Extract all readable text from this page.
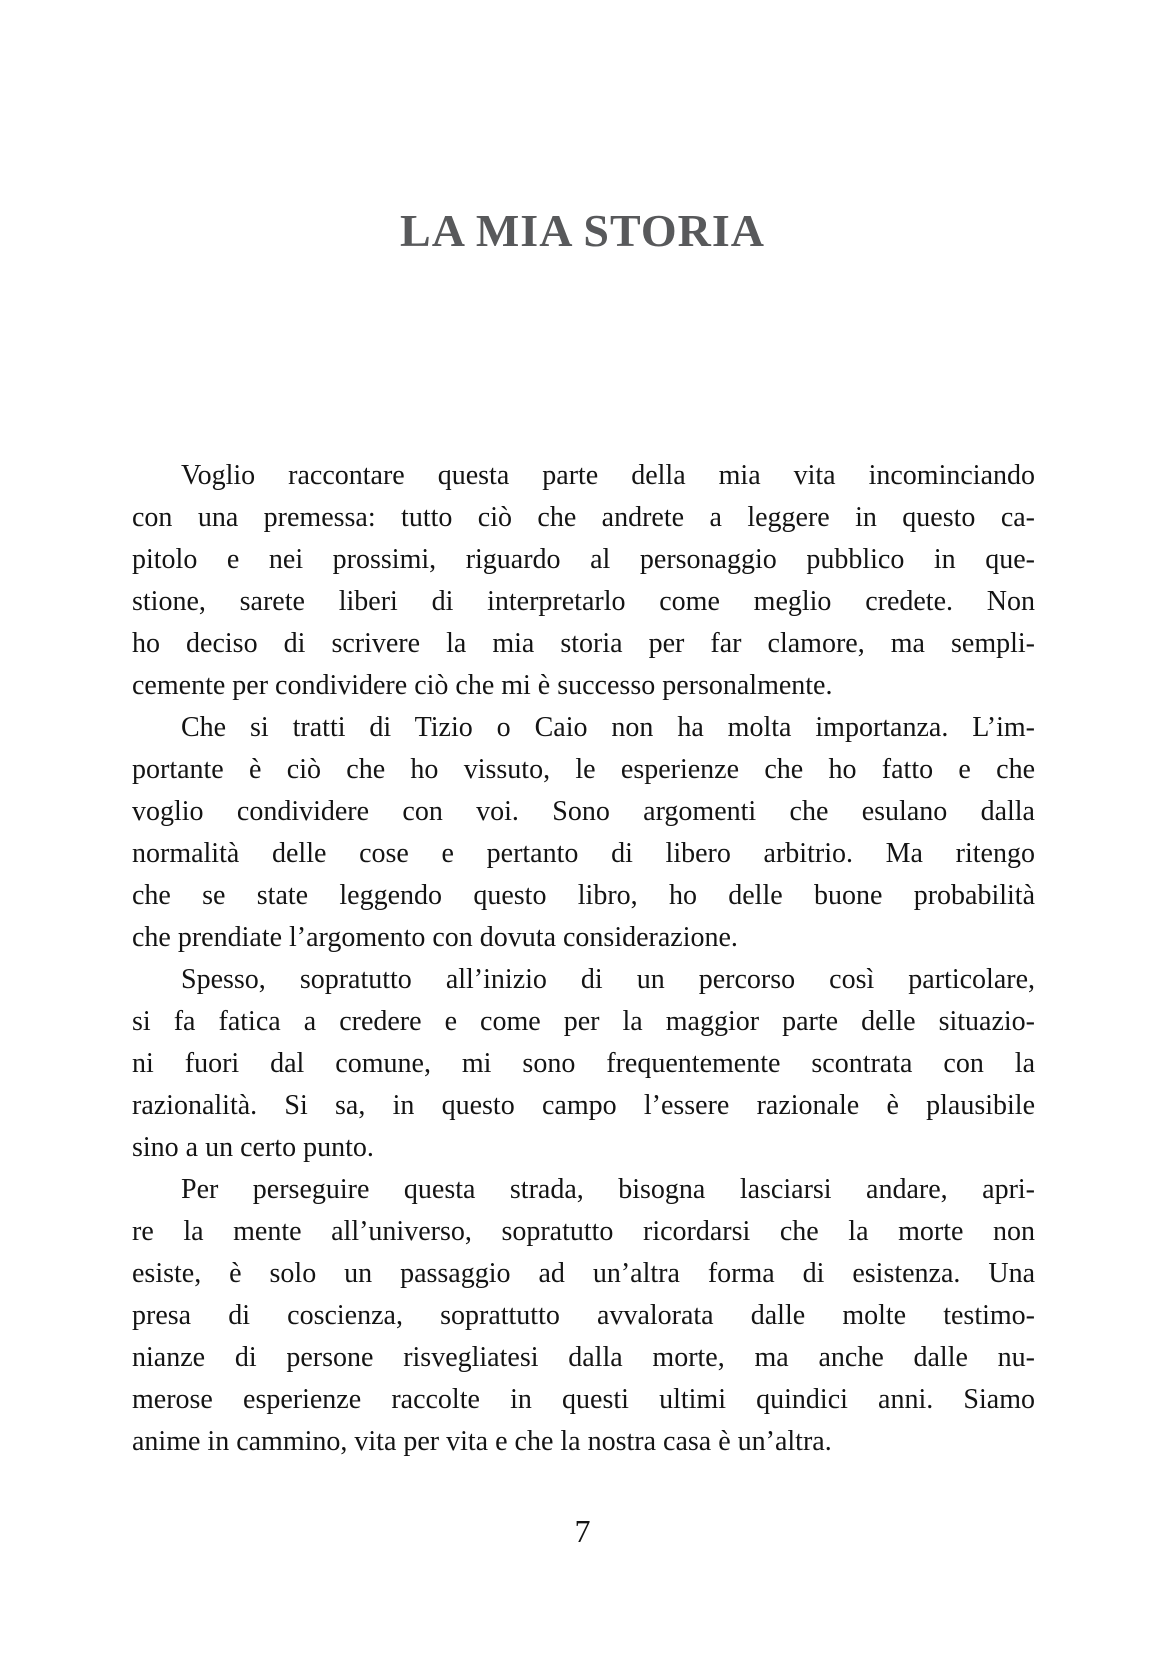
LA MIA STORIA
Voglio raccontare questa parte della mia vita incominciando
con una premessa: tutto ciò che andrete a leggere in questo ca-
pitolo e nei prossimi, riguardo al personaggio pubblico in que-
stione, sarete liberi di interpretarlo come meglio credete. Non
ho deciso di scrivere la mia storia per far clamore, ma sempli-
cemente per condividere ciò che mi è successo personalmente.
Che si tratti di Tizio o Caio non ha molta importanza. L’im-
portante è ciò che ho vissuto, le esperienze che ho fatto e che
voglio condividere con voi. Sono argomenti che esulano dalla
normalità delle cose e pertanto di libero arbitrio. Ma ritengo
che se state leggendo questo libro, ho delle buone probabilità
che prendiate l’argomento con dovuta considerazione.
Spesso, sopratutto all’inizio di un percorso così particolare,
si fa fatica a credere e come per la maggior parte delle situazio-
ni fuori dal comune, mi sono frequentemente scontrata con la
razionalità. Si sa, in questo campo l’essere razionale è plausibile
sino a un certo punto.
Per perseguire questa strada, bisogna lasciarsi andare, apri-
re la mente all’universo, sopratutto ricordarsi che la morte non
esiste, è solo un passaggio ad un’altra forma di esistenza. Una
presa di coscienza, soprattutto avvalorata dalle molte testimo-
nianze di persone risvegliatesi dalla morte, ma anche dalle nu-
merose esperienze raccolte in questi ultimi quindici anni. Siamo
anime in cammino, vita per vita e che la nostra casa è un’altra.
7
